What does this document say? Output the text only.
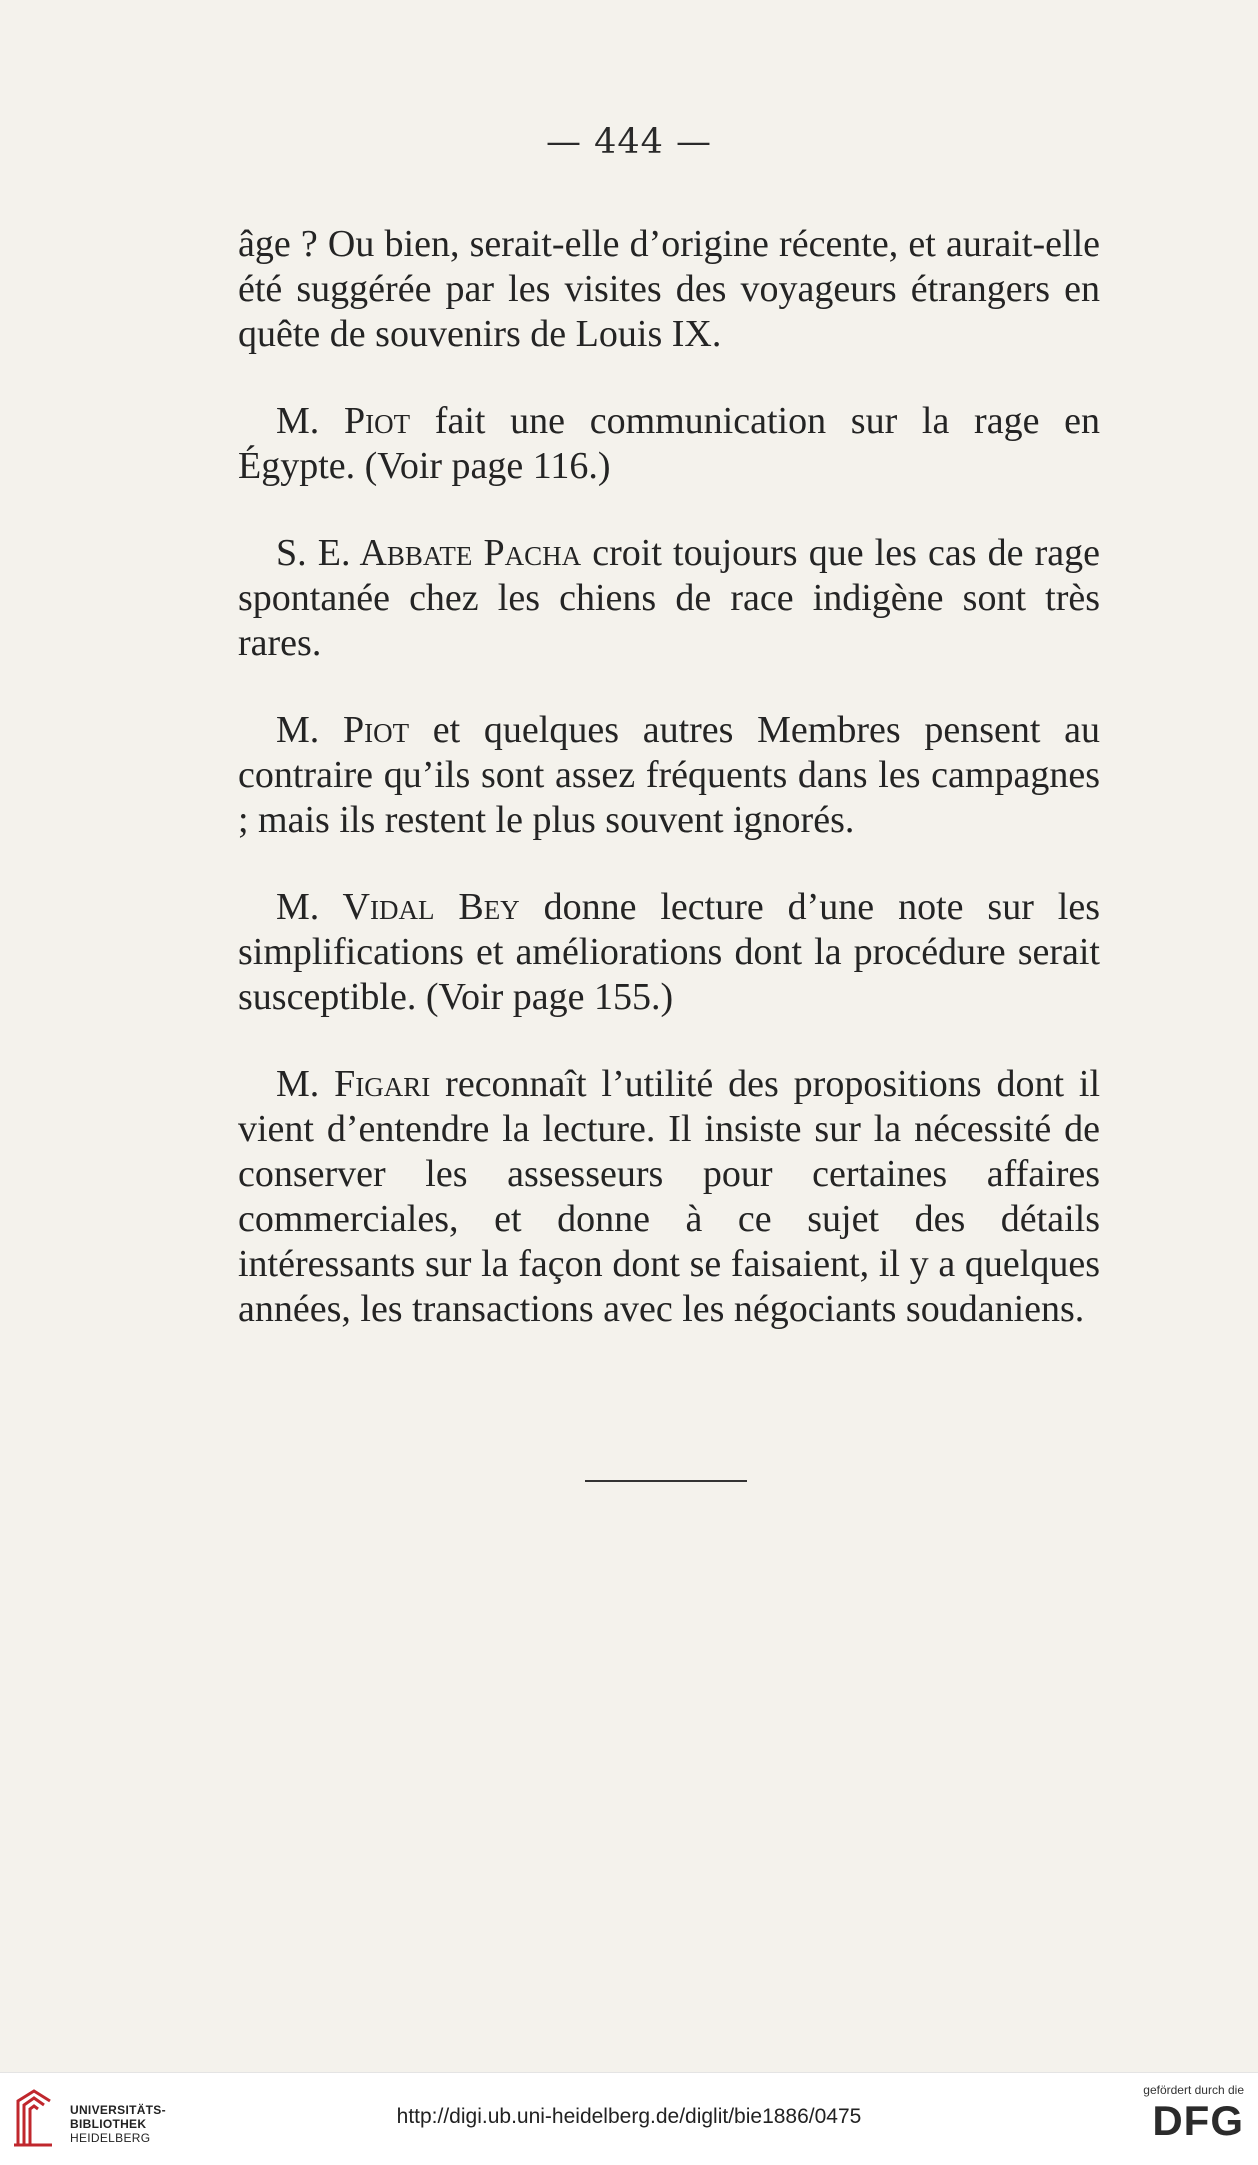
— 444 —

âge ? Ou bien, serait-elle d’origine récente, et aurait-elle été suggérée par les visites des voyageurs étrangers en quête de souvenirs de Louis IX.

M. Piot fait une communication sur la rage en Égypte. (Voir page 116.)

S. E. Abbate Pacha croit toujours que les cas de rage spontanée chez les chiens de race indigène sont très rares.

M. Piot et quelques autres Membres pensent au contraire qu’ils sont assez fréquents dans les campagnes ; mais ils restent le plus souvent ignorés.

M. Vidal Bey donne lecture d’une note sur les simplifications et améliorations dont la procédure serait susceptible. (Voir page 155.)

M. Figari reconnaît l’utilité des propositions dont il vient d’entendre la lecture. Il insiste sur la nécessité de conserver les assesseurs pour certaines affaires commerciales, et donne à ce sujet des détails intéressants sur la façon dont se faisaient, il y a quelques années, les transactions avec les négociants soudaniens.

UNIVERSITÄTS-
BIBLIOTHEK
HEIDELBERG
http://digi.ub.uni-heidelberg.de/diglit/bie1886/0475
gefördert durch die
DFG
